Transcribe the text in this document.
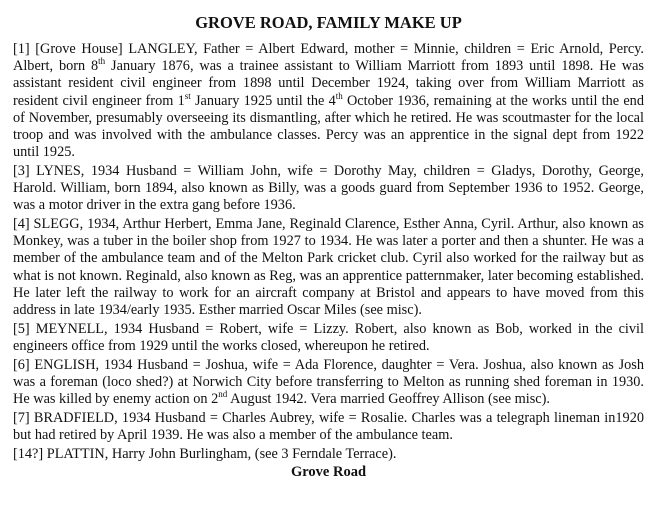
GROVE ROAD, FAMILY MAKE UP

[1] [Grove House] LANGLEY, Father = Albert Edward, mother = Minnie, children = Eric Arnold, Percy. Albert, born 8th January 1876, was a trainee assistant to William Marriott from 1893 until 1898. He was assistant resident civil engineer from 1898 until December 1924, taking over from William Marriott as resident civil engineer from 1st January 1925 until the 4th October 1936, remaining at the works until the end of November, presumably overseeing its dismantling, after which he retired. He was scoutmaster for the local troop and was involved with the ambulance classes. Percy was an apprentice in the signal dept from 1922 until 1925.

[3] LYNES, 1934 Husband = William John, wife = Dorothy May, children = Gladys, Dorothy, George, Harold. William, born 1894, also known as Billy, was a goods guard from September 1936 to 1952. George, was a motor driver in the extra gang before 1936.

[4] SLEGG, 1934, Arthur Herbert, Emma Jane, Reginald Clarence, Esther Anna, Cyril. Arthur, also known as Monkey, was a tuber in the boiler shop from 1927 to 1934. He was later a porter and then a shunter. He was a member of the ambulance team and of the Melton Park cricket club. Cyril also worked for the railway but as what is not known. Reginald, also known as Reg, was an apprentice patternmaker, later becoming established. He later left the railway to work for an aircraft company at Bristol and appears to have moved from this address in late 1934/early 1935. Esther married Oscar Miles (see misc).

[5] MEYNELL, 1934 Husband = Robert, wife = Lizzy. Robert, also known as Bob, worked in the civil engineers office from 1929 until the works closed, whereupon he retired.

[6] ENGLISH, 1934 Husband = Joshua, wife = Ada Florence, daughter = Vera. Joshua, also known as Josh was a foreman (loco shed?) at Norwich City before transferring to Melton as running shed foreman in 1930. He was killed by enemy action on 2nd August 1942. Vera married Geoffrey Allison (see misc).

[7] BRADFIELD, 1934 Husband = Charles Aubrey, wife = Rosalie. Charles was a telegraph lineman in1920 but had retired by April 1939. He was also a member of the ambulance team.

[14?] PLATTIN, Harry John Burlingham, (see 3 Ferndale Terrace).

Grove Road
